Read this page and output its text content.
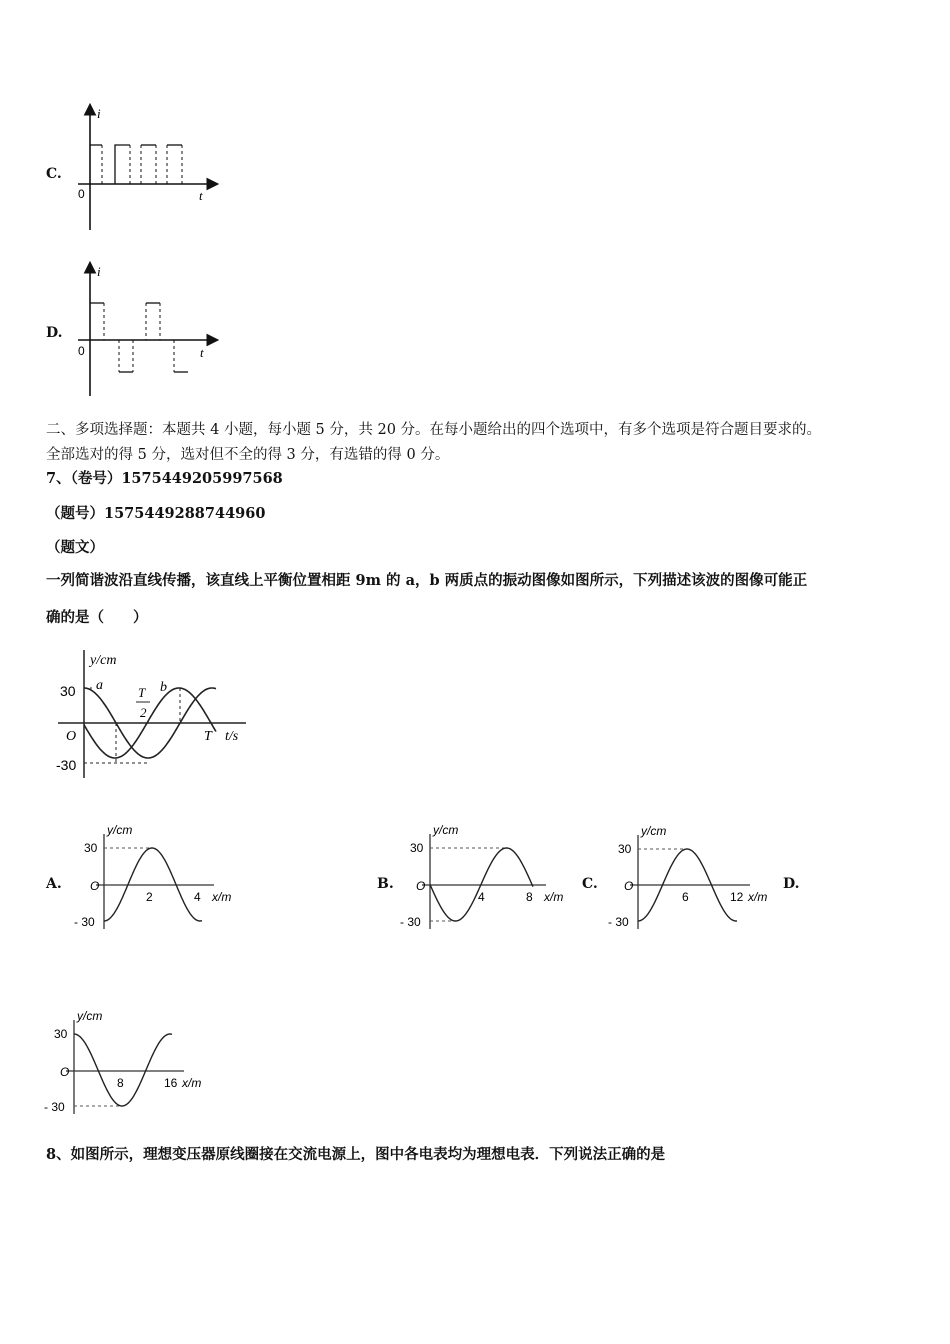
C.
i
t
0
D.
i
t
0
二、多项选择题：本题共 4 小题，每小题 5 分，共 20 分。在每小题给出的四个选项中，有多个选项是符合题目要求的。
全部选对的得 5 分，选对但不全的得 3 分，有选错的得 0 分。
7、（卷号）1575449205997568
（题号）1575449288744960
（题文）
一列简谐波沿直线传播，该直线上平衡位置相距 9m 的 a，b 两质点的振动图像如图所示，下列描述该波的图像可能正
确的是（　　）
y/cm
t/s
30
-30
O
T
2
T
a	b
A.	B.	C.	D.
y/cm
30
- 30
O
2	4 x/m
y/cm
30
- 30
O
4	8 x/m
y/cm
30
- 30
O
6	12 x/m
y/cm
30
- 30
O
8	16 x/m
8、如图所示，理想变压器原线圈接在交流电源上，图中各电表均为理想电表．下列说法正确的是
